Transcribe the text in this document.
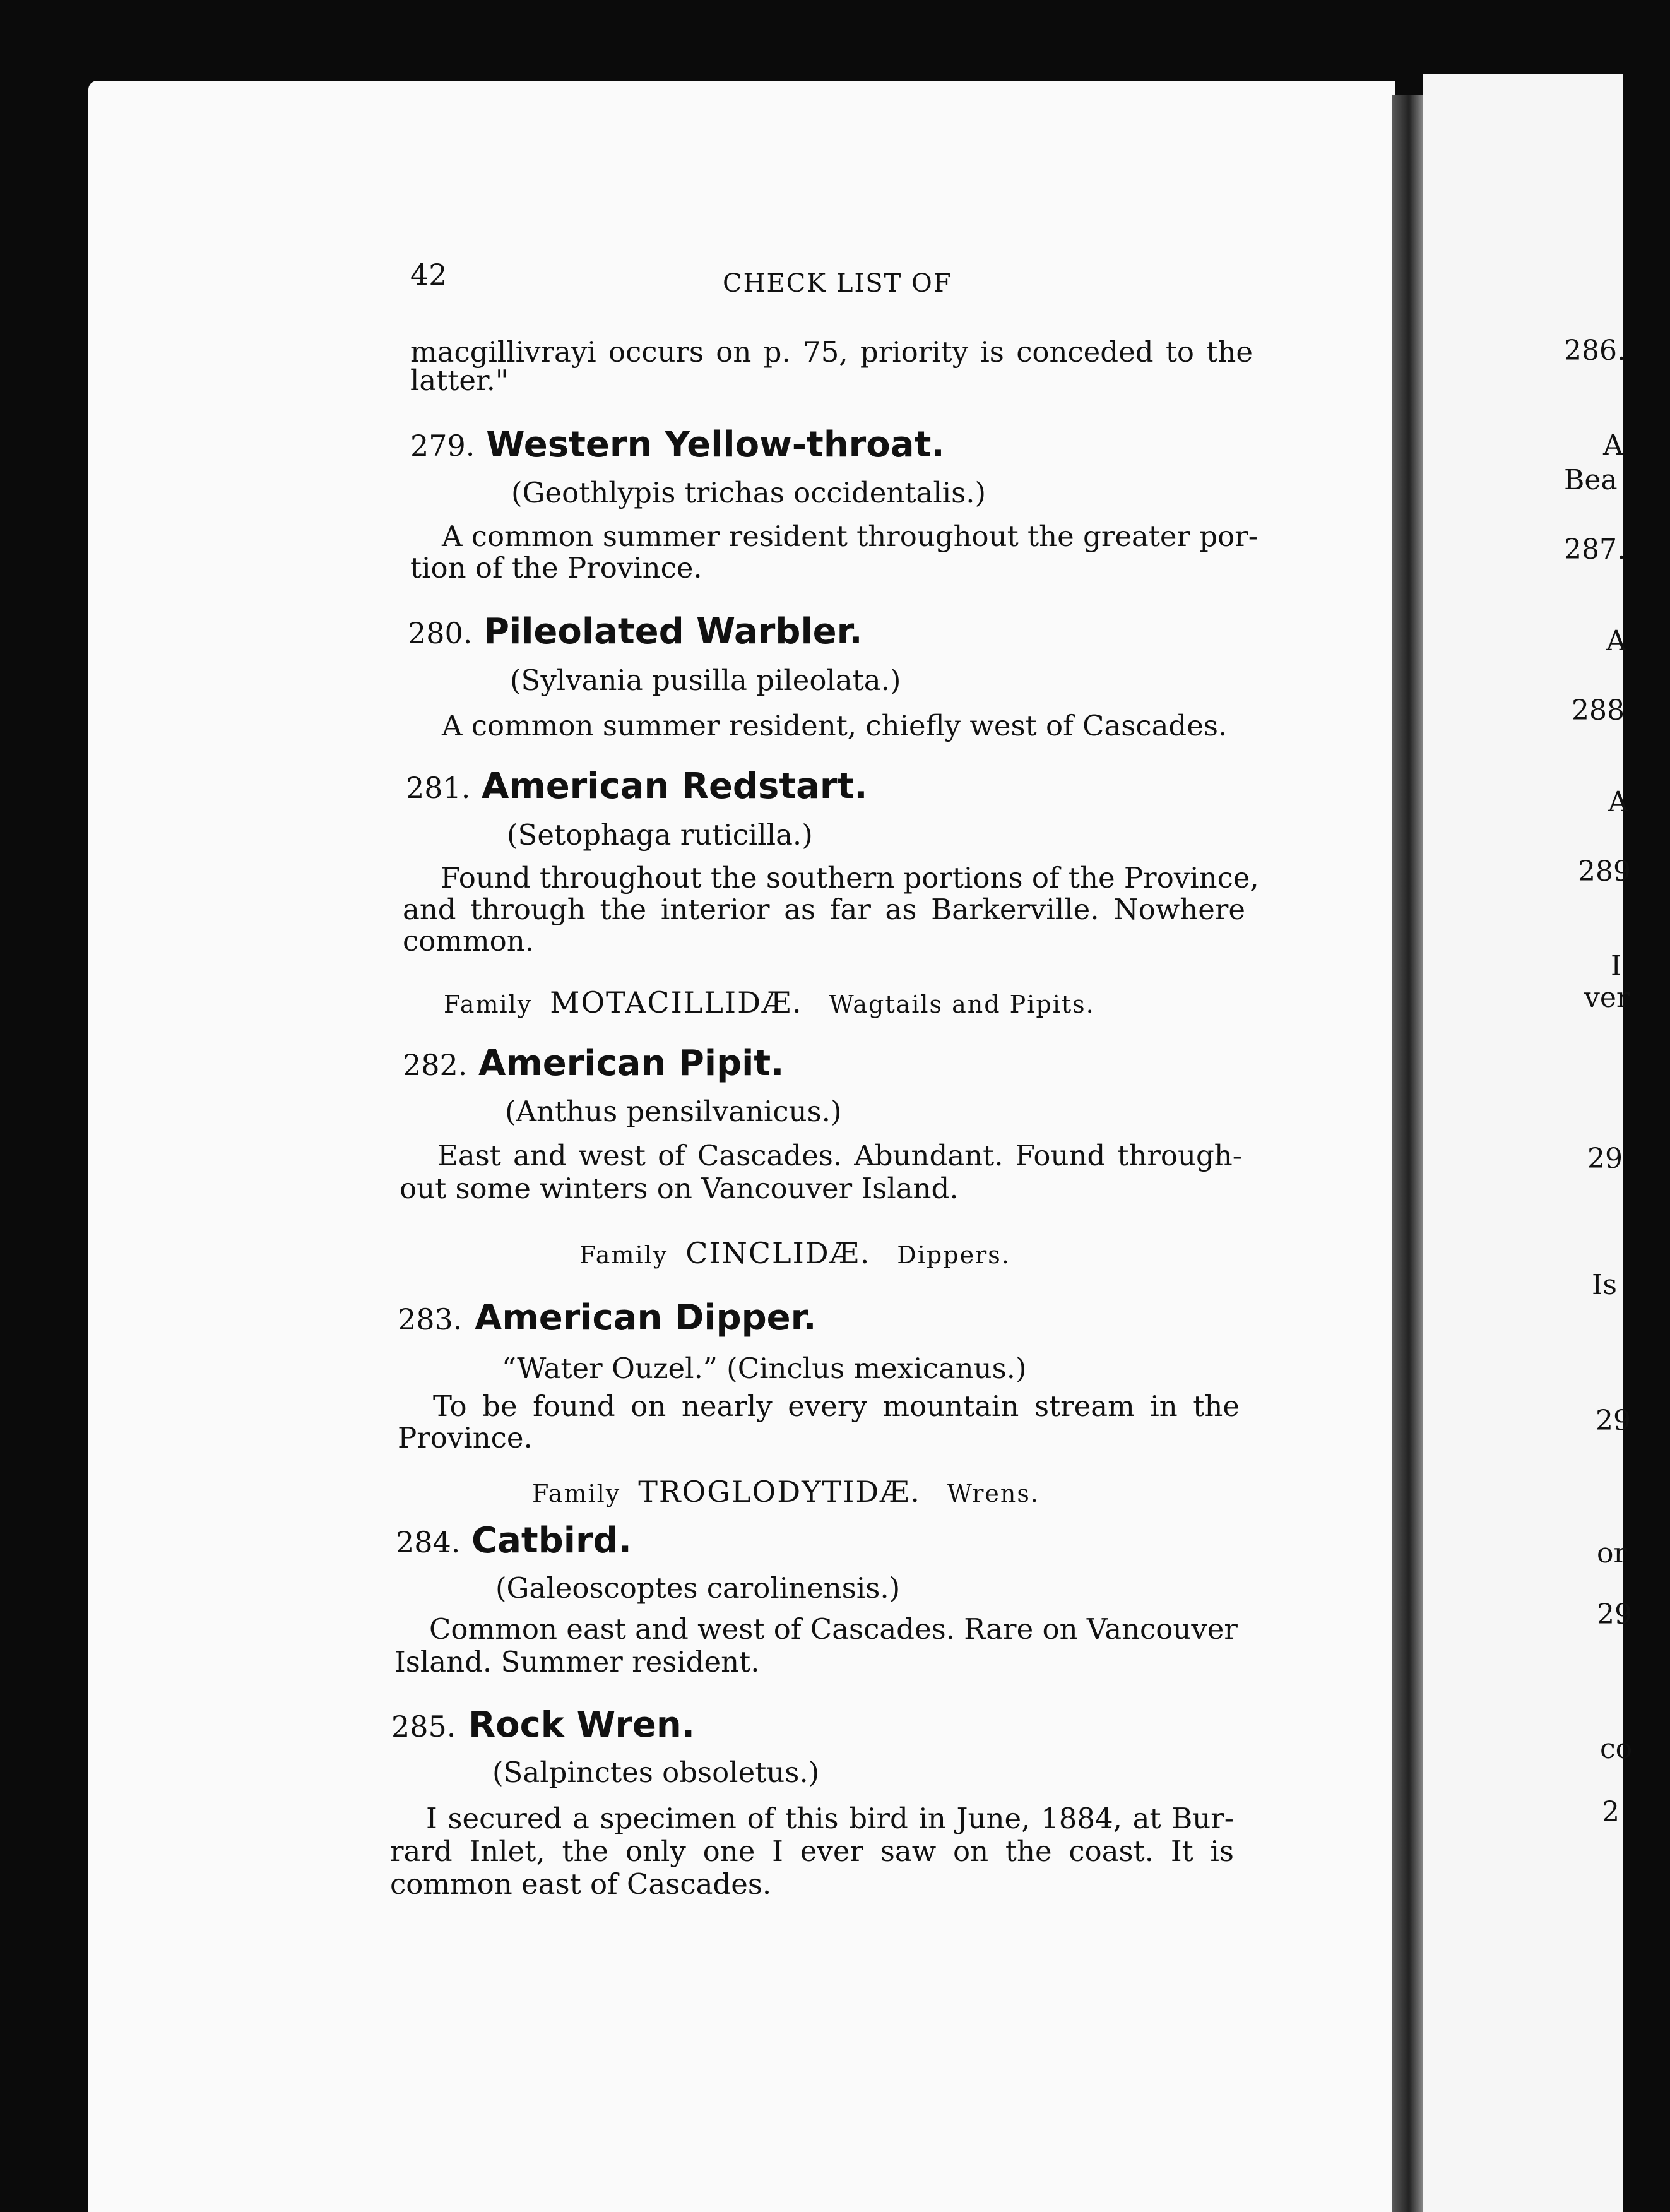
42	CHECK LIST OF
macgillivrayi occurs on p. 75, priority is conceded to the
latter."
279. Western Yellow-throat.
(Geothlypis trichas occidentalis.)
A common summer resident throughout the greater por-
tion of the Province.
280. Pileolated Warbler.
(Sylvania pusilla pileolata.)
A common summer resident, chiefly west of Cascades.
281. American Redstart.
(Setophaga ruticilla.)
Found throughout the southern portions of the Province,
and through the interior as far as Barkerville. Nowhere
common.
Family MOTACILLIDÆ. Wagtails and Pipits.
282. American Pipit.
(Anthus pensilvanicus.)
East and west of Cascades. Abundant. Found through-
out some winters on Vancouver Island.
Family CINCLIDÆ. Dippers.
283. American Dipper.
“Water Ouzel.” (Cinclus mexicanus.)
To be found on nearly every mountain stream in the
Province.
Family TROGLODYTIDÆ. Wrens.
284. Catbird.
(Galeoscoptes carolinensis.)
Common east and west of Cascades. Rare on Vancouver
Island. Summer resident.
285. Rock Wren.
(Salpinctes obsoletus.)
I secured a specimen of this bird in June, 1884, at Bur-
rard Inlet, the only one I ever saw on the coast. It is
common east of Cascades.
286.
A
Bea
287.
A
288
A
289
I
ver
29
Is
29
or
29
co
2
